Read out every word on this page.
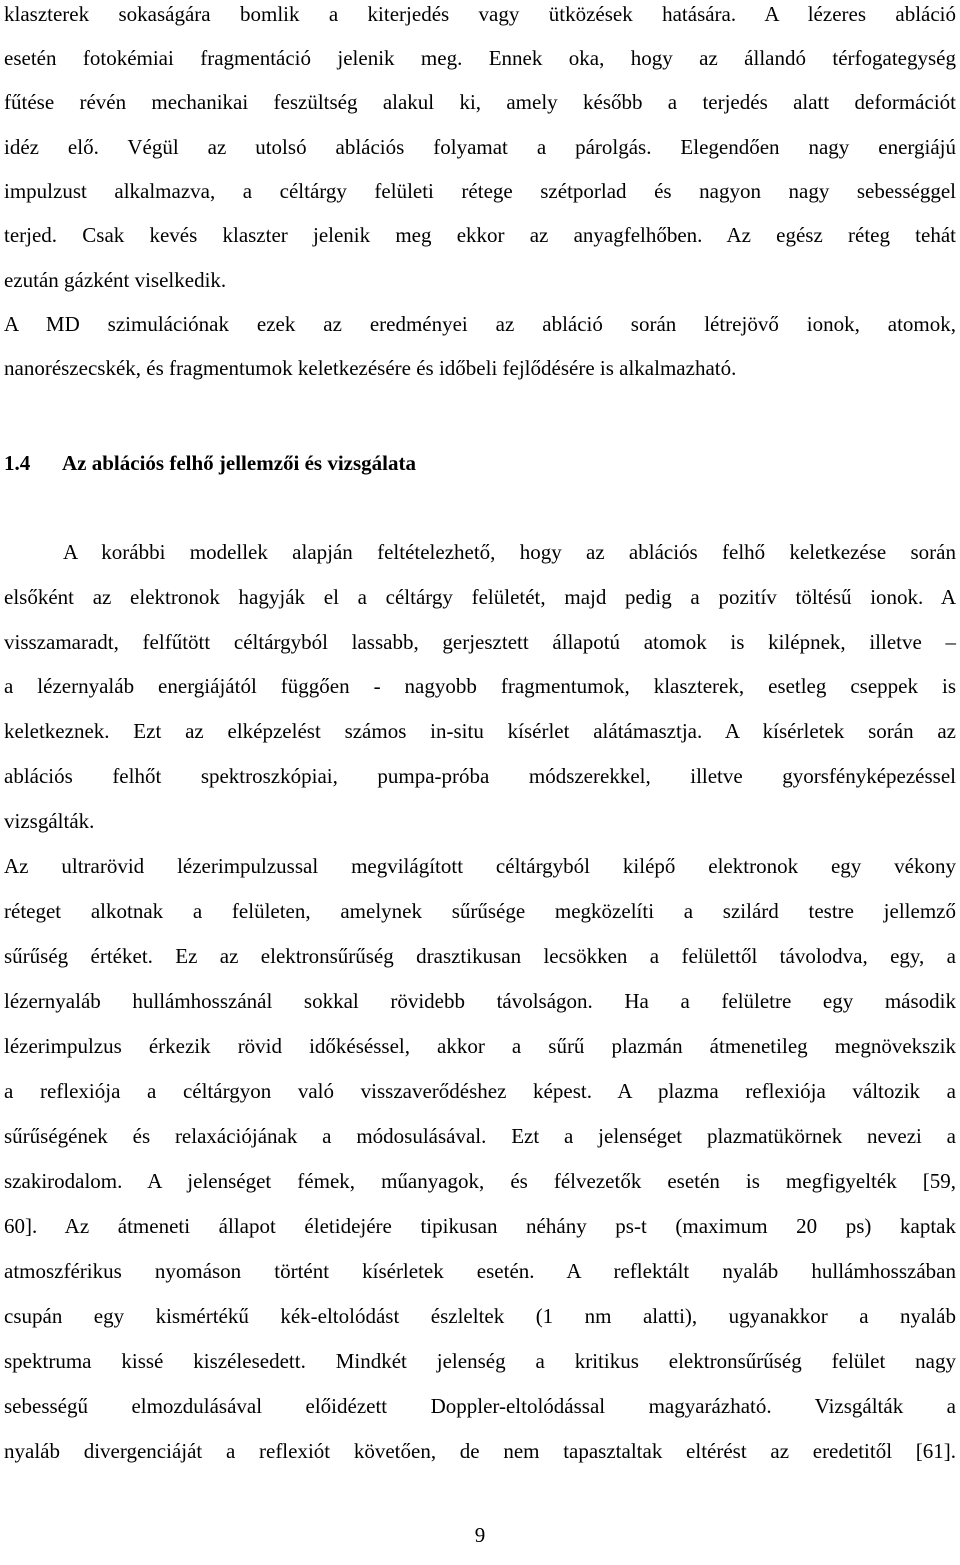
klaszterek sokaságára bomlik a kiterjedés vagy ütközések hatására. A lézeres abláció
esetén fotokémiai fragmentáció jelenik meg. Ennek oka, hogy az állandó térfogategység
fűtése révén mechanikai feszültség alakul ki, amely később a terjedés alatt deformációt
idéz elő. Végül az utolsó ablációs folyamat a párolgás. Elegendően nagy energiájú
impulzust alkalmazva, a céltárgy felületi rétege szétporlad és nagyon nagy sebességgel
terjed. Csak kevés klaszter jelenik meg ekkor az anyagfelhőben. Az egész réteg tehát
ezután gázként viselkedik.
A MD szimulációnak ezek az eredményei az abláció során létrejövő ionok, atomok,
nanorészecskék, és fragmentumok keletkezésére és időbeli fejlődésére is alkalmazható.
1.4 Az ablációs felhő jellemzői és vizsgálata
A korábbi modellek alapján feltételezhető, hogy az ablációs felhő keletkezése során
elsőként az elektronok hagyják el a céltárgy felületét, majd pedig a pozitív töltésű ionok. A
visszamaradt, felfűtött céltárgyból lassabb, gerjesztett állapotú atomok is kilépnek, illetve –
a lézernyaláb energiájától függően - nagyobb fragmentumok, klaszterek, esetleg cseppek is
keletkeznek. Ezt az elképzelést számos in-situ kísérlet alátámasztja. A kísérletek során az
ablációs felhőt spektroszkópiai, pumpa-próba módszerekkel, illetve gyorsfényképezéssel
vizsgálták.
Az ultrarövid lézerimpulzussal megvilágított céltárgyból kilépő elektronok egy vékony
réteget alkotnak a felületen, amelynek sűrűsége megközelíti a szilárd testre jellemző
sűrűség értéket. Ez az elektronsűrűség drasztikusan lecsökken a felülettől távolodva, egy, a
lézernyaláb hullámhosszánál sokkal rövidebb távolságon. Ha a felületre egy második
lézerimpulzus érkezik rövid időkéséssel, akkor a sűrű plazmán átmenetileg megnövekszik
a reflexiója a céltárgyon való visszaverődéshez képest. A plazma reflexiója változik a
sűrűségének és relaxációjának a módosulásával. Ezt a jelenséget plazmatükörnek nevezi a
szakirodalom. A jelenséget fémek, műanyagok, és félvezetők esetén is megfigyelték [59,
60]. Az átmeneti állapot életidejére tipikusan néhány ps-t (maximum 20 ps) kaptak
atmoszférikus nyomáson történt kísérletek esetén. A reflektált nyaláb hullámhosszában
csupán egy kismértékű kék-eltolódást észleltek (1 nm alatti), ugyanakkor a nyaláb
spektruma kissé kiszélesedett. Mindkét jelenség a kritikus elektronsűrűség felület nagy
sebességű elmozdulásával előidézett Doppler-eltolódással magyarázható. Vizsgálták a
nyaláb divergenciáját a reflexiót követően, de nem tapasztaltak eltérést az eredetitől [61].
9
